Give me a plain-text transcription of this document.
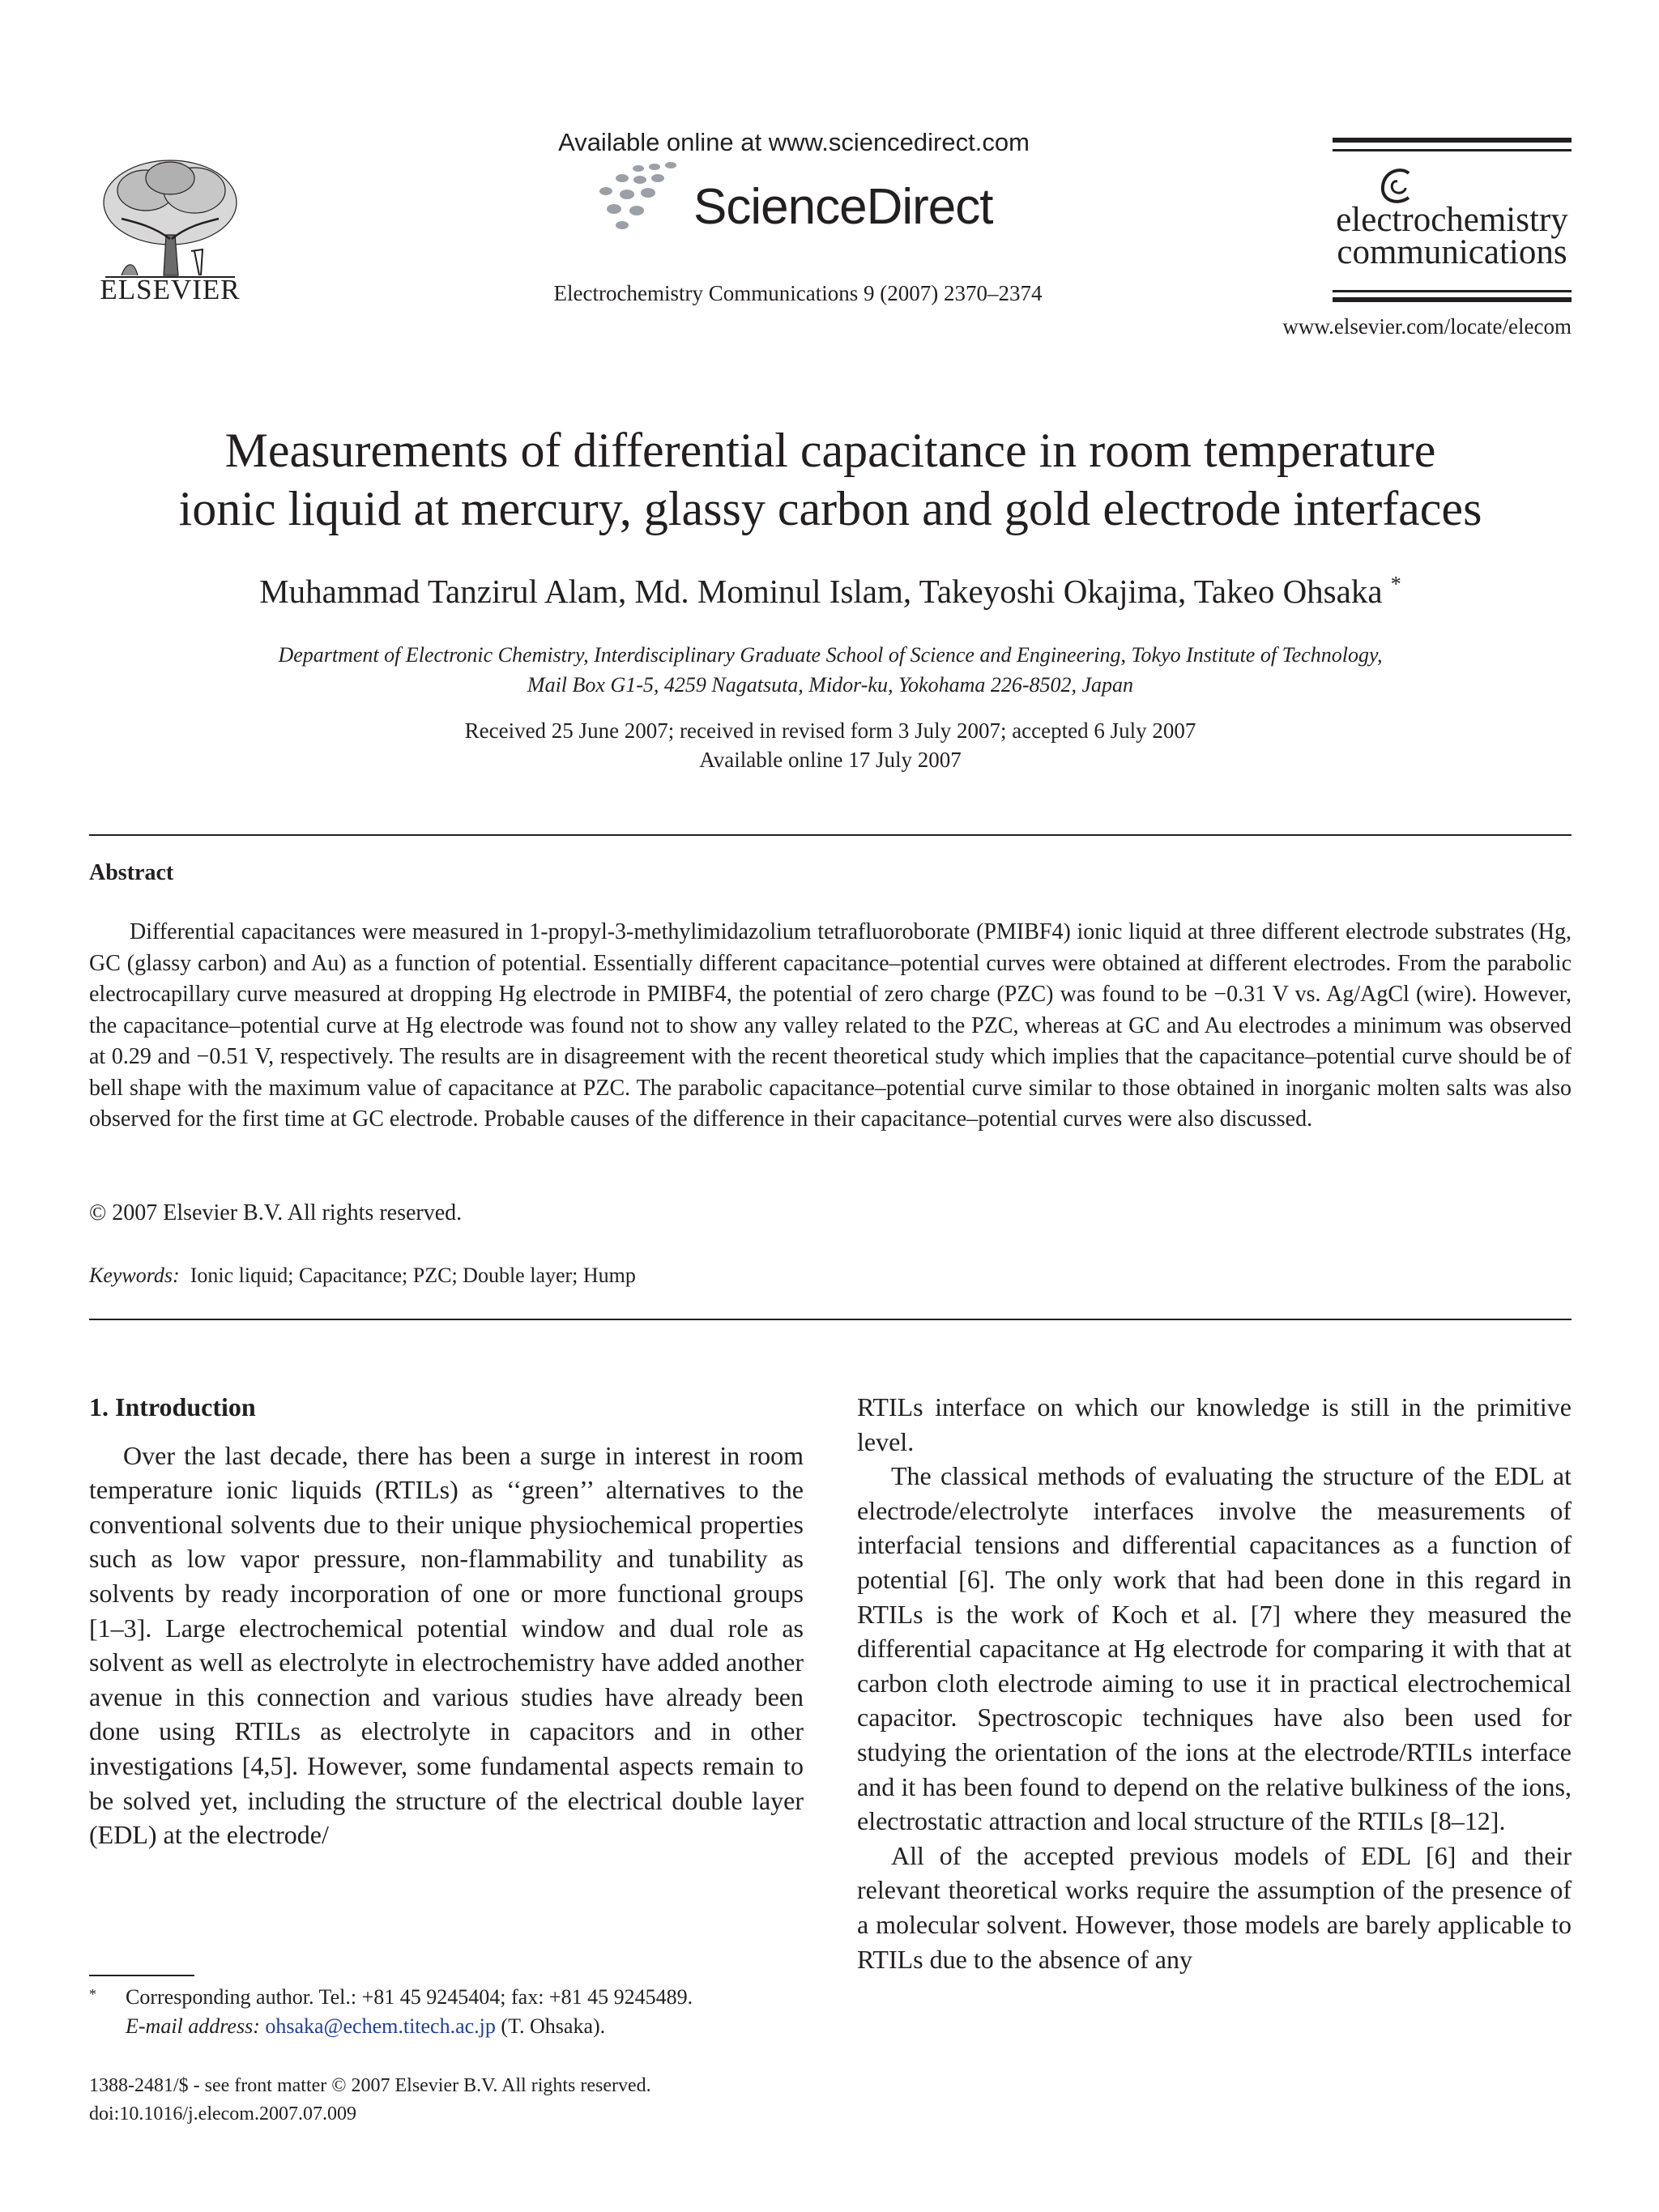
ELSEVIER
Available online at www.sciencedirect.com
ScienceDirect
Electrochemistry Communications 9 (2007) 2370–2374
electrochemistry
communications
www.elsevier.com/locate/elecom
Measurements of differential capacitance in room temperature
ionic liquid at mercury, glassy carbon and gold electrode interfaces
Muhammad Tanzirul Alam, Md. Mominul Islam, Takeyoshi Okajima, Takeo Ohsaka *
Department of Electronic Chemistry, Interdisciplinary Graduate School of Science and Engineering, Tokyo Institute of Technology,
Mail Box G1-5, 4259 Nagatsuta, Midor-ku, Yokohama 226-8502, Japan
Received 25 June 2007; received in revised form 3 July 2007; accepted 6 July 2007
Available online 17 July 2007
Abstract
Differential capacitances were measured in 1-propyl-3-methylimidazolium tetrafluoroborate (PMIBF4) ionic liquid at three different electrode substrates (Hg, GC (glassy carbon) and Au) as a function of potential. Essentially different capacitance–potential curves were obtained at different electrodes. From the parabolic electrocapillary curve measured at dropping Hg electrode in PMIBF4, the potential of zero charge (PZC) was found to be −0.31 V vs. Ag/AgCl (wire). However, the capacitance–potential curve at Hg electrode was found not to show any valley related to the PZC, whereas at GC and Au electrodes a minimum was observed at 0.29 and −0.51 V, respectively. The results are in disagreement with the recent theoretical study which implies that the capacitance–potential curve should be of bell shape with the maximum value of capacitance at PZC. The parabolic capacitance–potential curve similar to those obtained in inorganic molten salts was also observed for the first time at GC electrode. Probable causes of the difference in their capacitance–potential curves were also discussed.
© 2007 Elsevier B.V. All rights reserved.
Keywords: Ionic liquid; Capacitance; PZC; Double layer; Hump
1. Introduction

Over the last decade, there has been a surge in interest in room temperature ionic liquids (RTILs) as ‘‘green’’ alternatives to the conventional solvents due to their unique physiochemical properties such as low vapor pressure, non-flammability and tunability as solvents by ready incorporation of one or more functional groups [1–3]. Large electrochemical potential window and dual role as solvent as well as electrolyte in electrochemistry have added another avenue in this connection and various studies have already been done using RTILs as electrolyte in capacitors and in other investigations [4,5]. However, some fundamental aspects remain to be solved yet, including the structure of the electrical double layer (EDL) at the electrode/

RTILs interface on which our knowledge is still in the primitive level.

The classical methods of evaluating the structure of the EDL at electrode/electrolyte interfaces involve the measurements of interfacial tensions and differential capacitances as a function of potential [6]. The only work that had been done in this regard in RTILs is the work of Koch et al. [7] where they measured the differential capacitance at Hg electrode for comparing it with that at carbon cloth electrode aiming to use it in practical electrochemical capacitor. Spectroscopic techniques have also been used for studying the orientation of the ions at the electrode/RTILs interface and it has been found to depend on the relative bulkiness of the ions, electrostatic attraction and local structure of the RTILs [8–12].

All of the accepted previous models of EDL [6] and their relevant theoretical works require the assumption of the presence of a molecular solvent. However, those models are barely applicable to RTILs due to the absence of any

*	Corresponding author. Tel.: +81 45 9245404; fax: +81 45 9245489.
E-mail address: ohsaka@echem.titech.ac.jp (T. Ohsaka).
1388-2481/$ - see front matter © 2007 Elsevier B.V. All rights reserved.
doi:10.1016/j.elecom.2007.07.009
